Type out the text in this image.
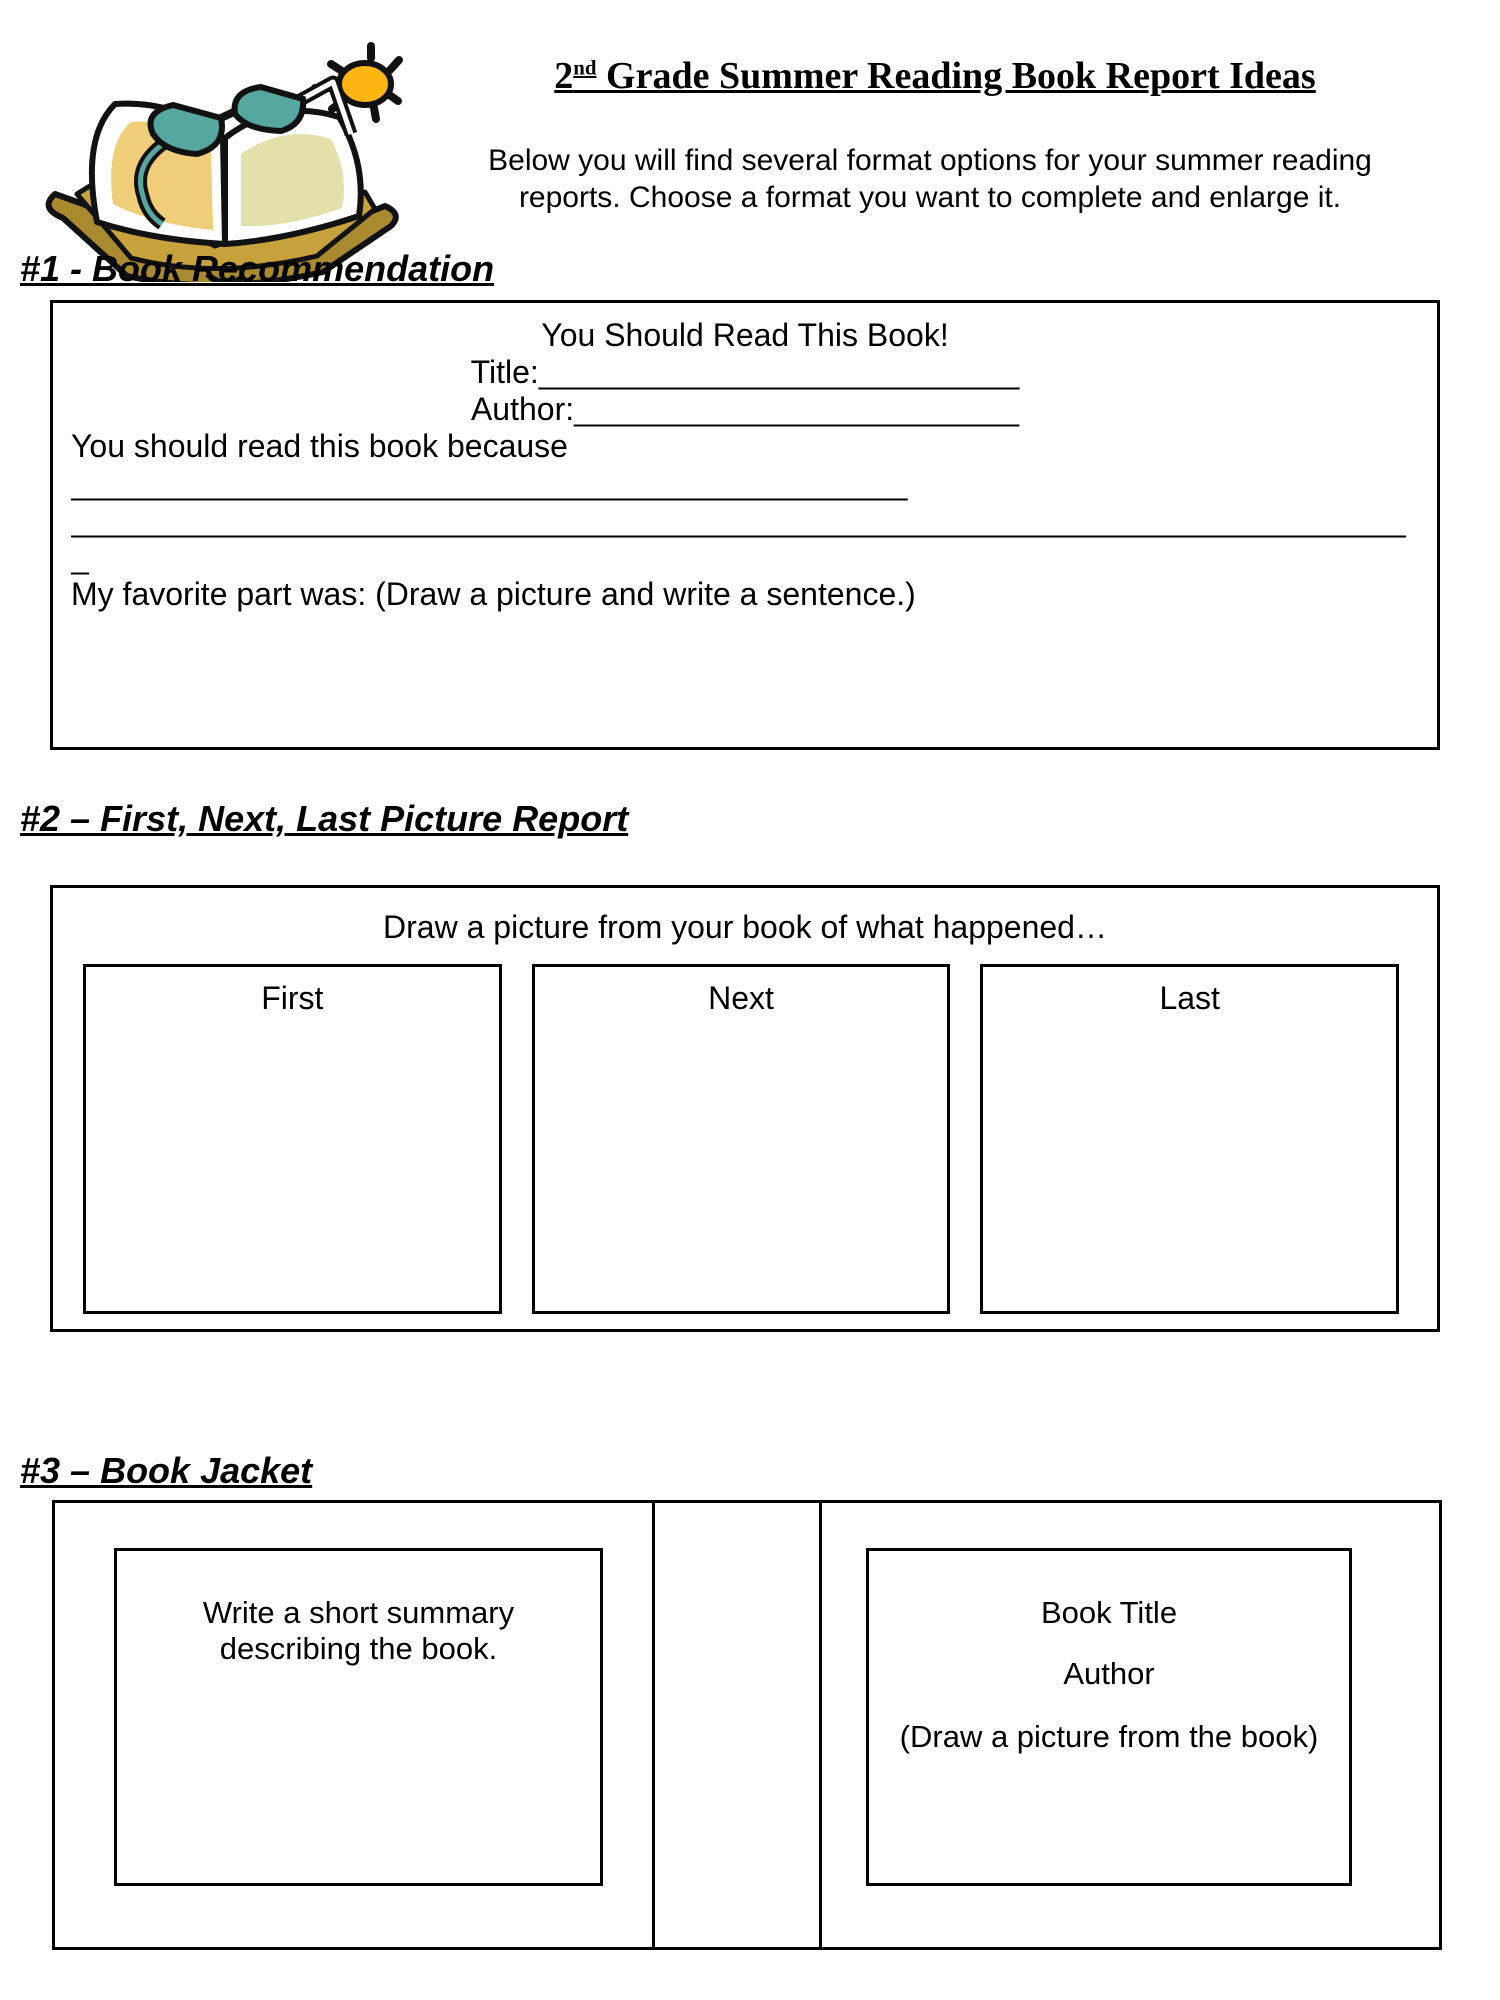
2nd Grade Summer Reading Book Report Ideas
Below you will find several format options for your summer reading
reports. Choose a format you want to complete and enlarge it.
#1 - Book Recommendation

You Should Read This Book!

Title:___________________________

Author:_________________________

You should read this book because

_______________________________________________

___________________________________________________________________________

_

My favorite part was: (Draw a picture and write a sentence.)

#2 – First, Next, Last Picture Report

Draw a picture from your book of what happened…

First	Next	Last
#3 – Book Jacket

Write a short summary

describing the book.

Book Title

Author

(Draw a picture from the book)
